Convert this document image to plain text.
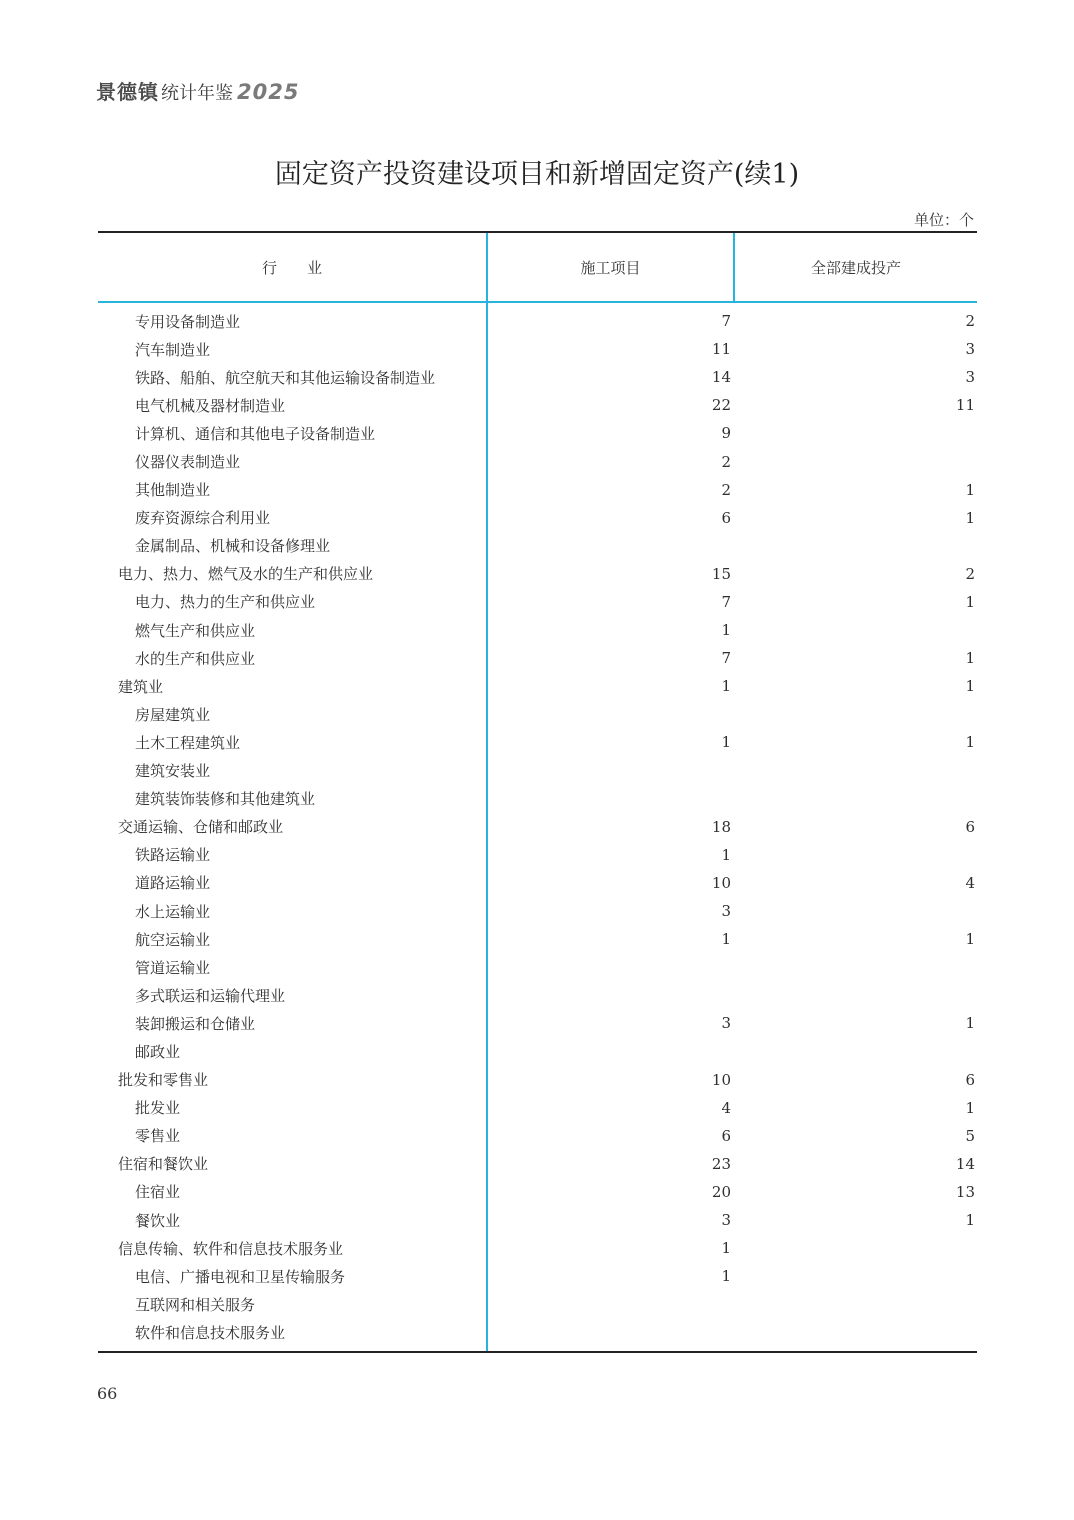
景德镇 统计年鉴 2025
固定资产投资建设项目和新增固定资产(续1)
单位：个
行　　业	施工项目	全部建成投产
专用设备制造业	7	2
汽车制造业	11	3
铁路、船舶、航空航天和其他运输设备制造业	14	3
电气机械及器材制造业	22	11
计算机、通信和其他电子设备制造业	9
仪器仪表制造业	2
其他制造业	2	1
废弃资源综合利用业	6	1
金属制品、机械和设备修理业
电力、热力、燃气及水的生产和供应业	15	2
电力、热力的生产和供应业	7	1
燃气生产和供应业	1
水的生产和供应业	7	1
建筑业	1	1
房屋建筑业
土木工程建筑业	1	1
建筑安装业
建筑装饰装修和其他建筑业
交通运输、仓储和邮政业	18	6
铁路运输业	1
道路运输业	10	4
水上运输业	3
航空运输业	1	1
管道运输业
多式联运和运输代理业
装卸搬运和仓储业	3	1
邮政业
批发和零售业	10	6
批发业	4	1
零售业	6	5
住宿和餐饮业	23	14
住宿业	20	13
餐饮业	3	1
信息传输、软件和信息技术服务业	1
电信、广播电视和卫星传输服务	1
互联网和相关服务
软件和信息技术服务业
66
